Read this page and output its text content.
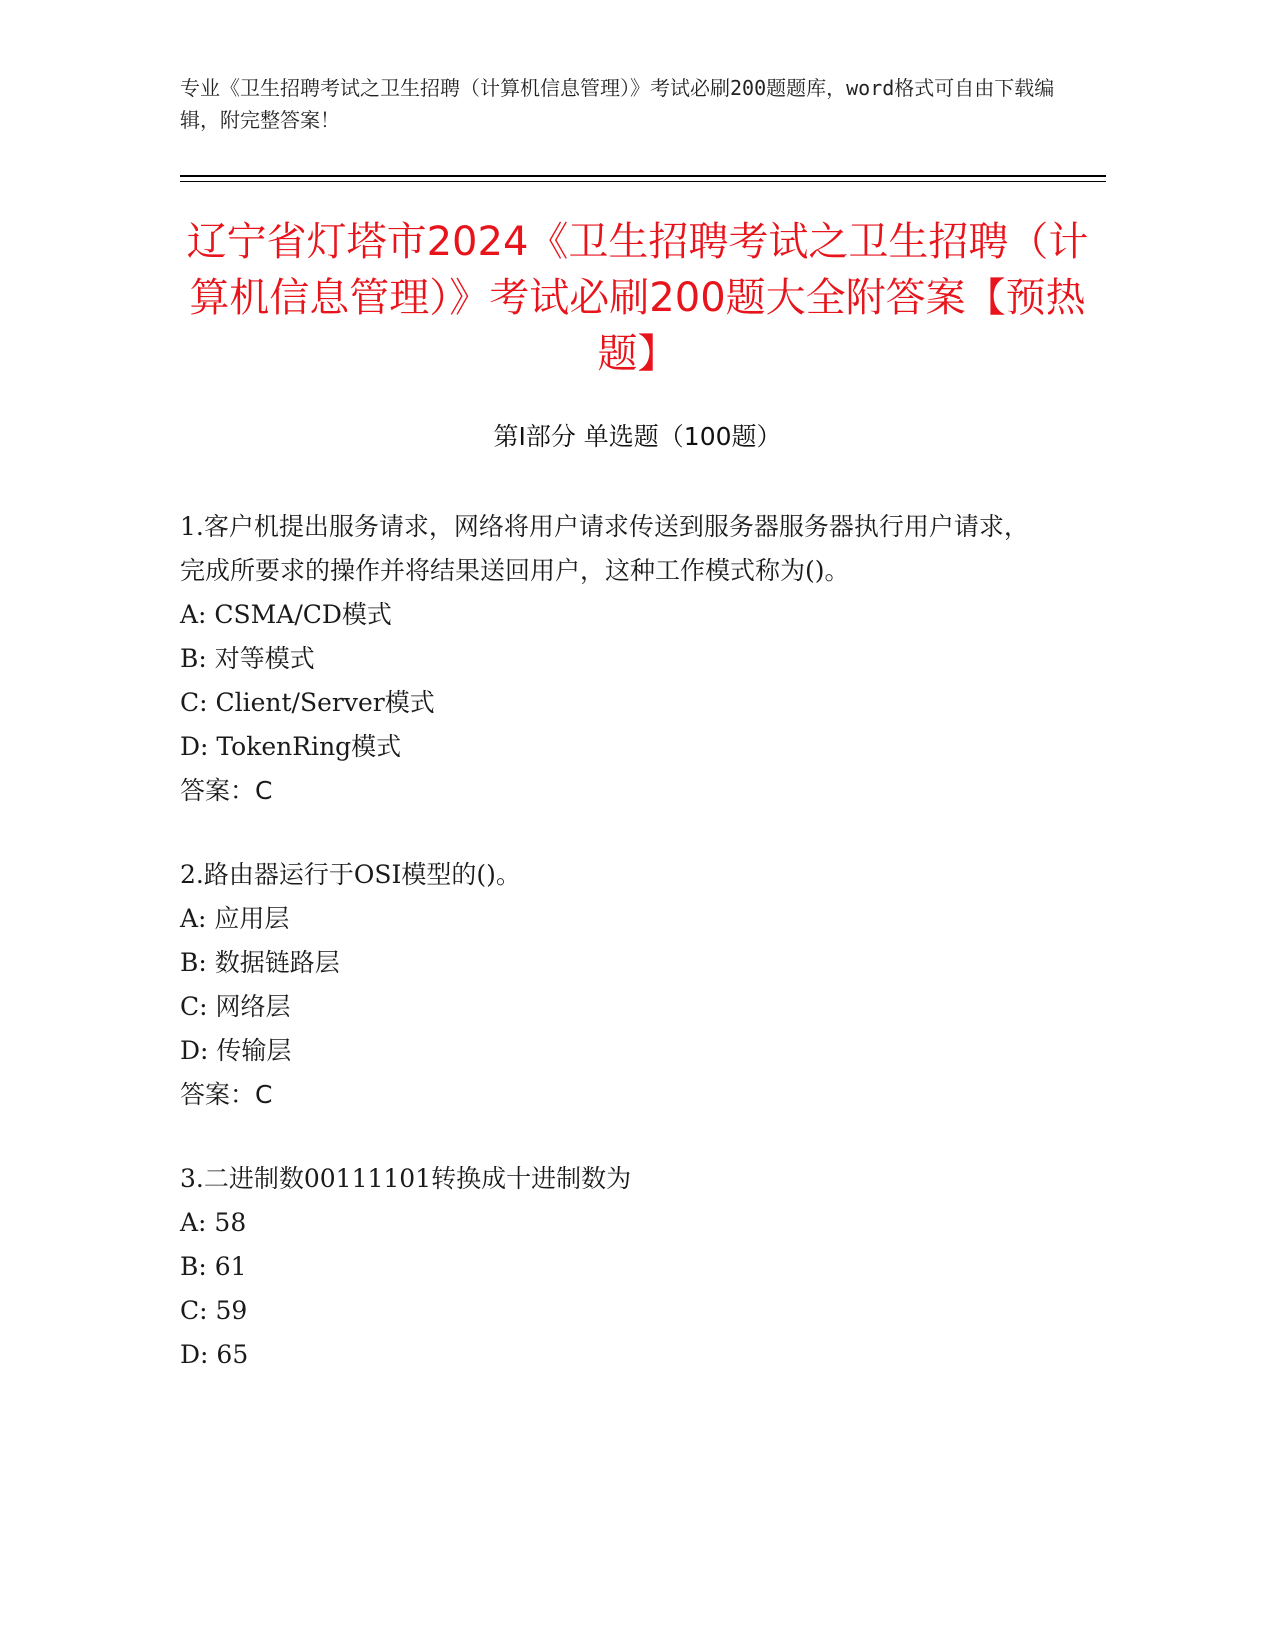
专业《卫生招聘考试之卫生招聘（计算机信息管理）》考试必刷200题题库，word格式可自由下载编辑，附完整答案！
辽宁省灯塔市2024《卫生招聘考试之卫生招聘（计算机信息管理）》考试必刷200题大全附答案【预热题】
第Ⅰ部分 单选题（100题）

1.客户机提出服务请求，网络将用户请求传送到服务器服务器执行用户请求，完成所要求的操作并将结果送回用户，这种工作模式称为()。

A: CSMA/CD模式

B: 对等模式

C: Client/Server模式

D: TokenRing模式

答案：C

2.路由器运行于OSI模型的()。

A: 应用层

B: 数据链路层

C: 网络层

D: 传输层

答案：C

3.二进制数00111101转换成十进制数为

A: 58

B: 61

C: 59

D: 65
